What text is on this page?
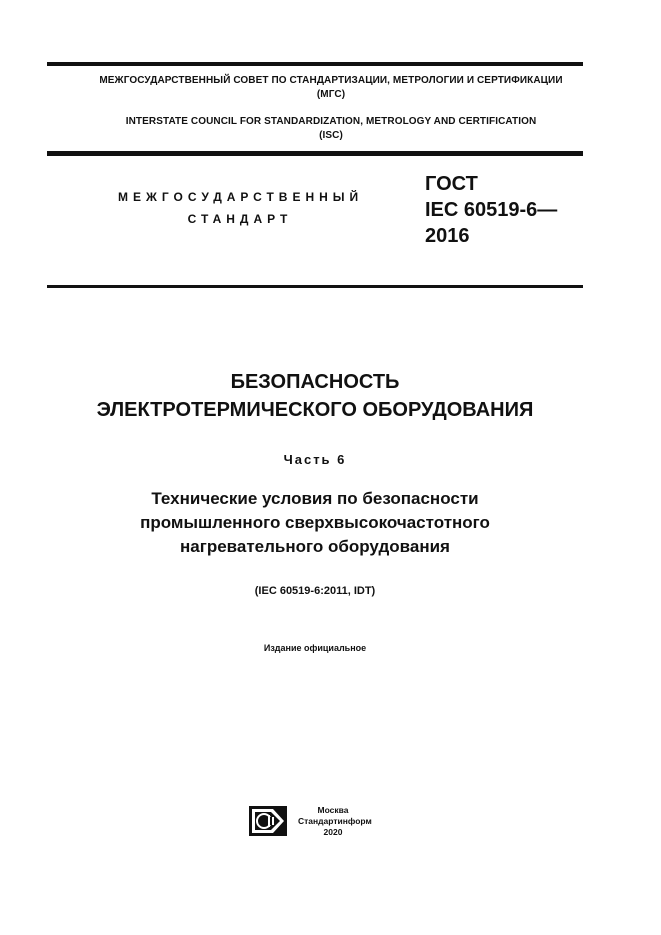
МЕЖГОСУДАРСТВЕННЫЙ СОВЕТ ПО СТАНДАРТИЗАЦИИ, МЕТРОЛОГИИ И СЕРТИФИКАЦИИ
(МГС)
INTERSTATE COUNCIL FOR STANDARDIZATION, METROLOGY AND CERTIFICATION
(ISC)
МЕЖГОСУДАРСТВЕННЫЙ
СТАНДАРТ
ГОСТ
IEC 60519-6—
2016
БЕЗОПАСНОСТЬ
ЭЛЕКТРОТЕРМИЧЕСКОГО ОБОРУДОВАНИЯ
Часть 6
Технические условия по безопасности
промышленного сверхвысокочастотного
нагревательного оборудования
(IEC 60519-6:2011, IDT)
Издание официальное
Москва
Стандартинформ
2020
